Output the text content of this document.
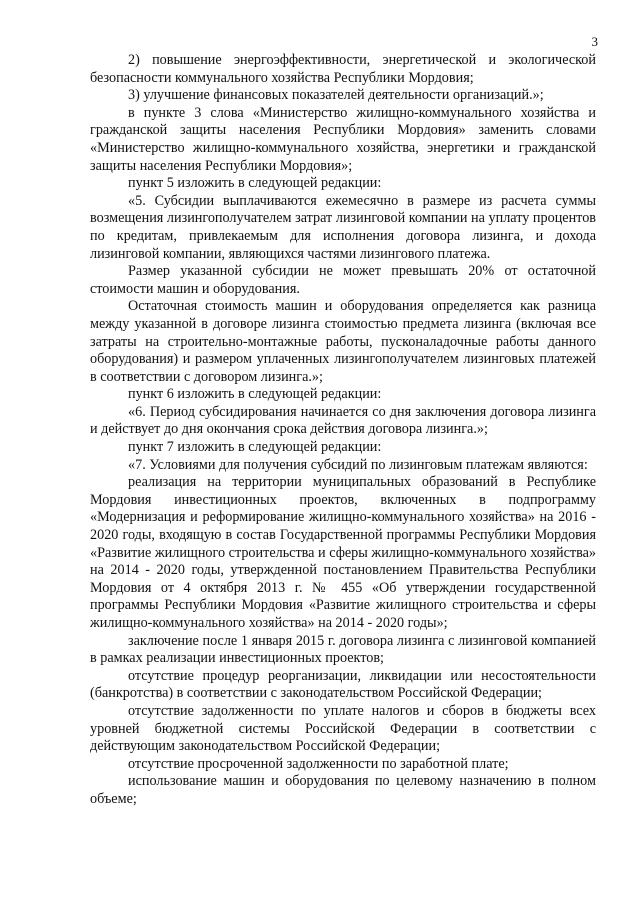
3

2) повышение энергоэффективности, энергетической и экологической безопасности коммунального хозяйства Республики Мордовия;

3) улучшение финансовых показателей деятельности организаций.»;

в пункте 3 слова «Министерство жилищно-коммунального хозяйства и гражданской защиты населения Республики Мордовия» заменить словами «Министерство жилищно-коммунального хозяйства, энергетики и гражданской защиты населения Республики Мордовия»;

пункт 5 изложить в следующей редакции:

«5. Субсидии выплачиваются ежемесячно в размере из расчета суммы возмещения лизингополучателем затрат лизинговой компании на уплату процентов по кредитам, привлекаемым для исполнения договора лизинга, и дохода лизинговой компании, являющихся частями лизингового платежа.

Размер указанной субсидии не может превышать 20% от остаточной стоимости машин и оборудования.

Остаточная стоимость машин и оборудования определяется как разница между указанной в договоре лизинга стоимостью предмета лизинга (включая все затраты на строительно-монтажные работы, пусконаладочные работы данного оборудования) и размером уплаченных лизингополучателем лизинговых платежей в соответствии с договором лизинга.»;

пункт 6 изложить в следующей редакции:

«6. Период субсидирования начинается со дня заключения договора лизинга и действует до дня окончания срока действия договора лизинга.»;

пункт 7 изложить в следующей редакции:

«7. Условиями для получения субсидий по лизинговым платежам являются:

реализация на территории муниципальных образований в Республике Мордовия инвестиционных проектов, включенных в подпрограмму «Модернизация и реформирование жилищно-коммунального хозяйства» на 2016 - 2020 годы, входящую в состав Государственной программы Республики Мордовия «Развитие жилищного строительства и сферы жилищно-коммунального хозяйства» на 2014 - 2020 годы, утвержденной постановлением Правительства Республики Мордовия от 4 октября 2013 г. № 455 «Об утверждении государственной программы Республики Мордовия «Развитие жилищного строительства и сферы жилищно-коммунального хозяйства» на 2014 - 2020 годы»;

заключение после 1 января 2015 г. договора лизинга с лизинговой компанией в рамках реализации инвестиционных проектов;

отсутствие процедур реорганизации, ликвидации или несостоятельности (банкротства) в соответствии с законодательством Российской Федерации;

отсутствие задолженности по уплате налогов и сборов в бюджеты всех уровней бюджетной системы Российской Федерации в соответствии с действующим законодательством Российской Федерации;

отсутствие просроченной задолженности по заработной плате;

использование машин и оборудования по целевому назначению в полном объеме;
